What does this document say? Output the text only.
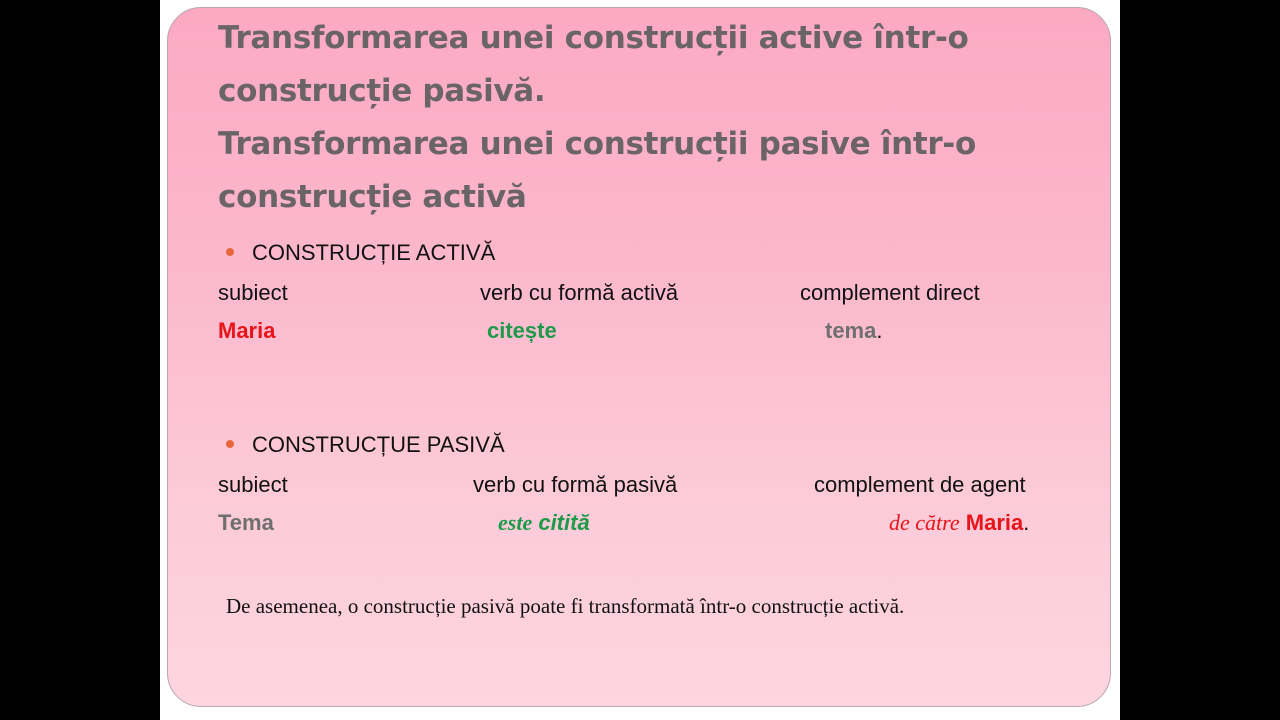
Transformarea unei construcții active într-o
construcție pasivă.
Transformarea unei construcții pasive într-o
construcție activă
CONSTRUCȚIE ACTIVĂ
subiect	verb cu formă activă	complement direct
Maria	citește	tema.
CONSTRUCȚUE PASIVĂ
subiect	verb cu formă pasivă	complement de agent
Tema	este citită	de către Maria.
De asemenea, o construcție pasivă poate fi transformată într-o construcție activă.
